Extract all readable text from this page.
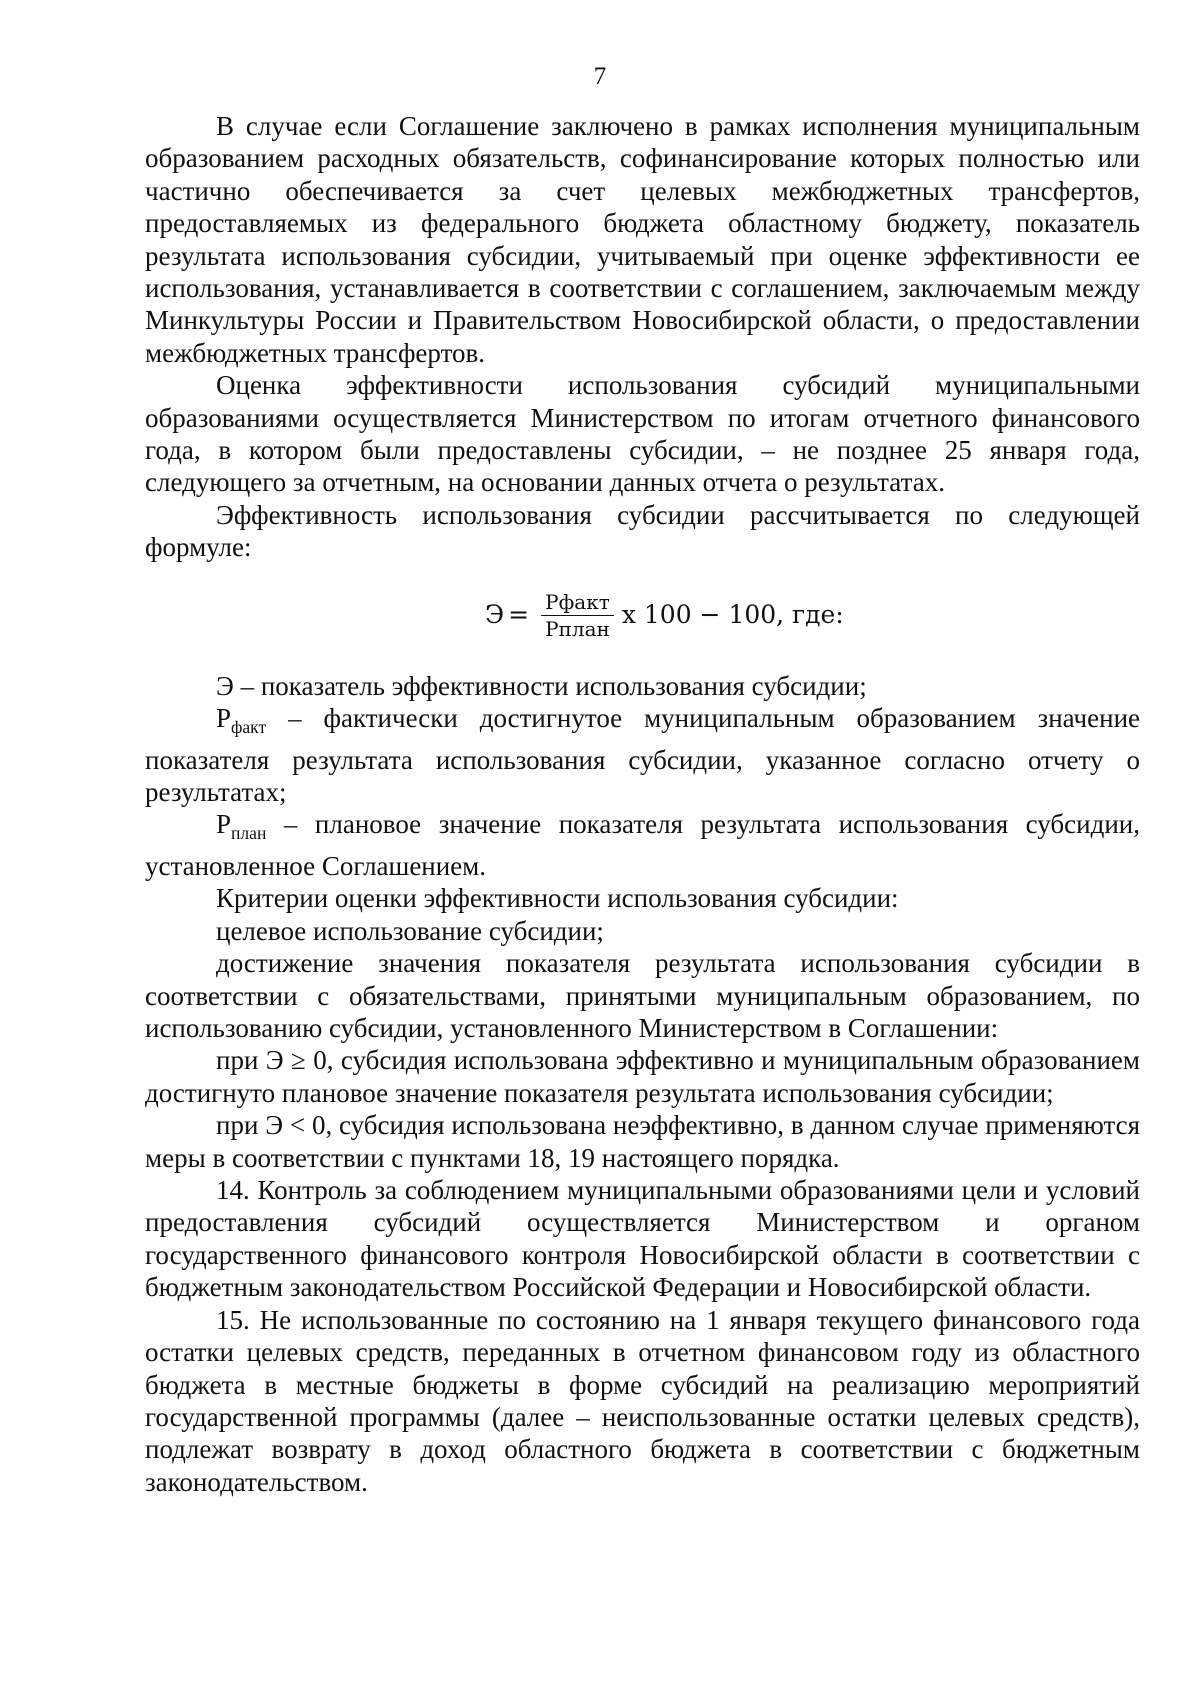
7

В случае если Соглашение заключено в рамках исполнения муниципальным образованием расходных обязательств, софинансирование которых полностью или частично обеспечивается за счет целевых межбюджетных трансфертов, предоставляемых из федерального бюджета областному бюджету, показатель результата использования субсидии, учитываемый при оценке эффективности ее использования, устанавливается в соответствии с соглашением, заключаемым между Минкультуры России и Правительством Новосибирской области, о предоставлении межбюджетных трансфертов.

Оценка эффективности использования субсидий муниципальными образованиями осуществляется Министерством по итогам отчетного финансового года, в котором были предоставлены субсидии, – не позднее 25 января года, следующего за отчетным, на основании данных отчета о результатах.

Эффективность использования субсидии рассчитывается по следующей формуле:

$Э = \frac{\text{Pфакт}}{\text{Pплан}}$ x 100 − 100, где:

Э – показатель эффективности использования субсидии;

$P_{факт}$ – фактически достигнутое муниципальным образованием значение показателя результата использования субсидии, указанное согласно отчету о результатах;

$P_{план}$ – плановое значение показателя результата использования субсидии, установленное Соглашением.

Критерии оценки эффективности использования субсидии:

целевое использование субсидии;

достижение значения показателя результата использования субсидии в соответствии с обязательствами, принятыми муниципальным образованием, по использованию субсидии, установленного Министерством в Соглашении:

при Э ≥ 0, субсидия использована эффективно и муниципальным образованием достигнуто плановое значение показателя результата использования субсидии;

при Э < 0, субсидия использована неэффективно, в данном случае применяются меры в соответствии с пунктами 18, 19 настоящего порядка.

14. Контроль за соблюдением муниципальными образованиями цели и условий предоставления субсидий осуществляется Министерством и органом государственного финансового контроля Новосибирской области в соответствии с бюджетным законодательством Российской Федерации и Новосибирской области.

15. Не использованные по состоянию на 1 января текущего финансового года остатки целевых средств, переданных в отчетном финансовом году из областного бюджета в местные бюджеты в форме субсидий на реализацию мероприятий государственной программы (далее – неиспользованные остатки целевых средств), подлежат возврату в доход областного бюджета в соответствии с бюджетным законодательством.
